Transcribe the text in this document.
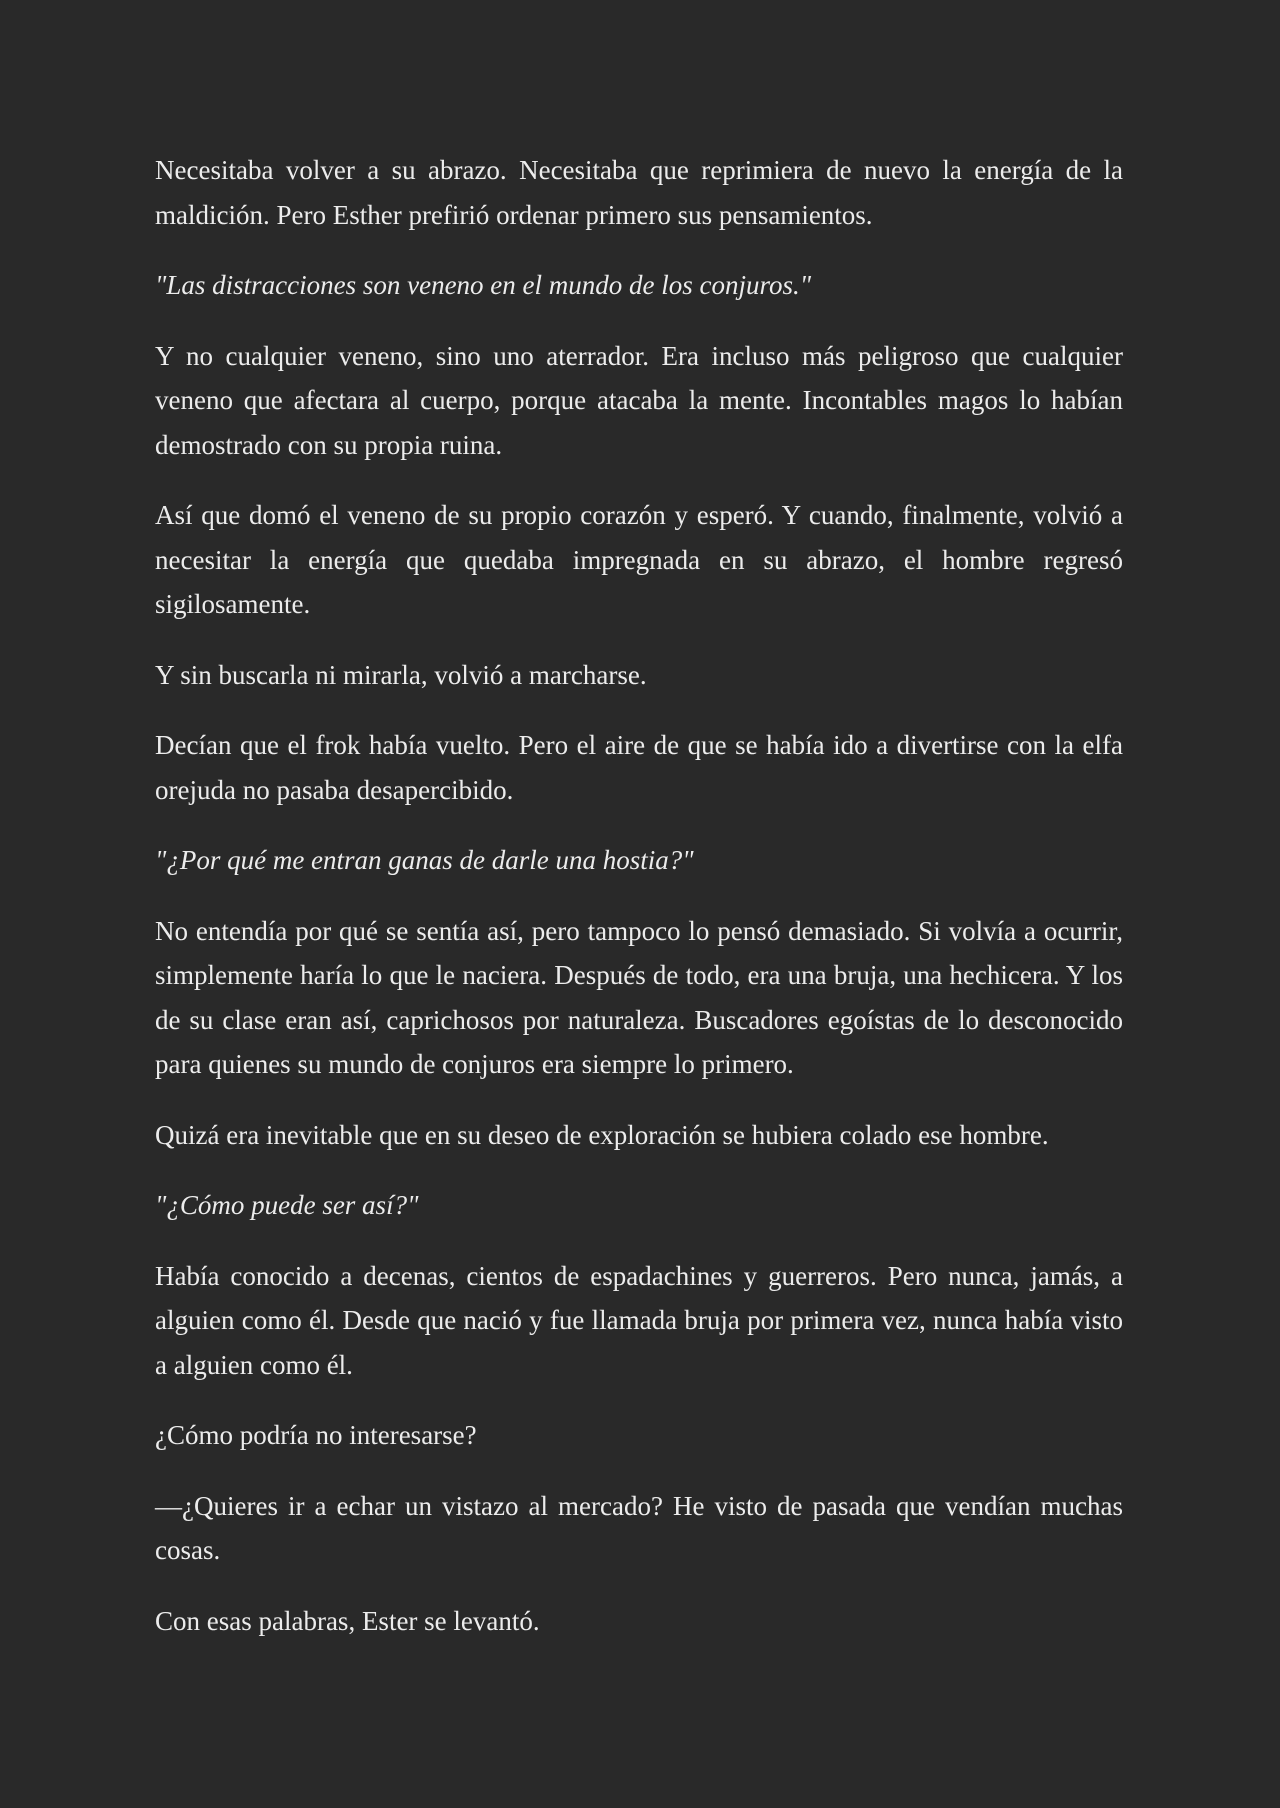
Necesitaba volver a su abrazo. Necesitaba que reprimiera de nuevo la energía de la maldición. Pero Esther prefirió ordenar primero sus pensamientos.

"Las distracciones son veneno en el mundo de los conjuros."

Y no cualquier veneno, sino uno aterrador. Era incluso más peligroso que cualquier veneno que afectara al cuerpo, porque atacaba la mente. Incontables magos lo habían demostrado con su propia ruina.

Así que domó el veneno de su propio corazón y esperó. Y cuando, finalmente, volvió a necesitar la energía que quedaba impregnada en su abrazo, el hombre regresó sigilosamente.

Y sin buscarla ni mirarla, volvió a marcharse.

Decían que el frok había vuelto. Pero el aire de que se había ido a divertirse con la elfa orejuda no pasaba desapercibido.

"¿Por qué me entran ganas de darle una hostia?"

No entendía por qué se sentía así, pero tampoco lo pensó demasiado. Si volvía a ocurrir, simplemente haría lo que le naciera. Después de todo, era una bruja, una hechicera. Y los de su clase eran así, caprichosos por naturaleza. Buscadores egoístas de lo desconocido para quienes su mundo de conjuros era siempre lo primero.

Quizá era inevitable que en su deseo de exploración se hubiera colado ese hombre.

"¿Cómo puede ser así?"

Había conocido a decenas, cientos de espadachines y guerreros. Pero nunca, jamás, a alguien como él. Desde que nació y fue llamada bruja por primera vez, nunca había visto a alguien como él.

¿Cómo podría no interesarse?

—¿Quieres ir a echar un vistazo al mercado? He visto de pasada que vendían muchas cosas.

Con esas palabras, Ester se levantó.
